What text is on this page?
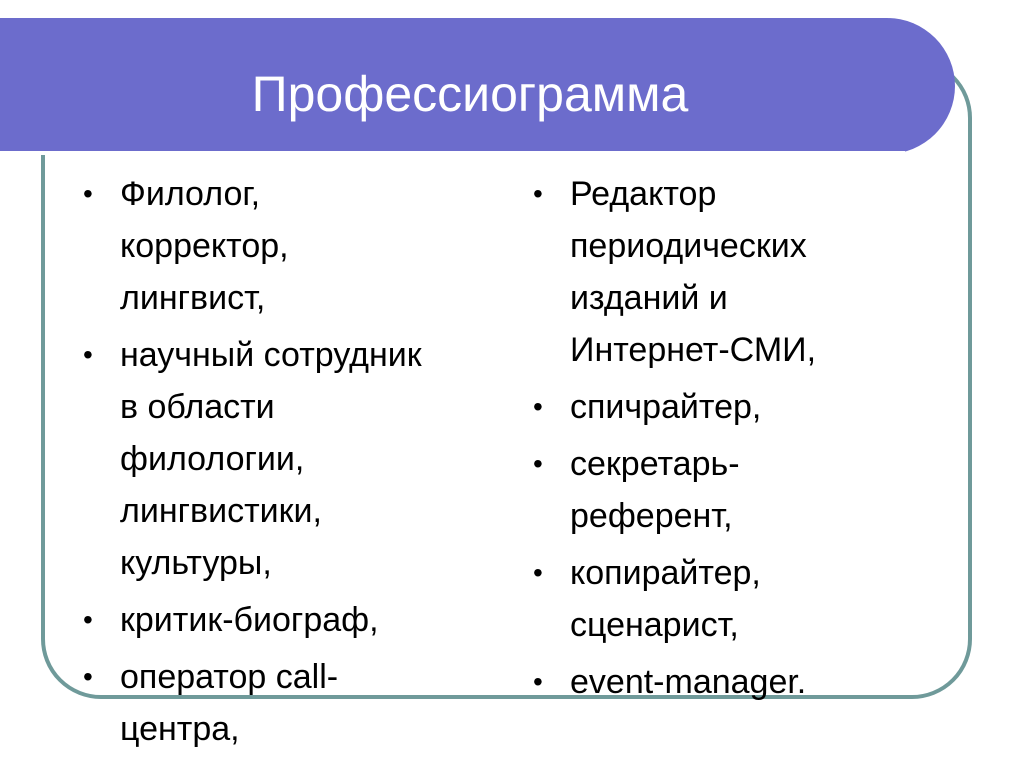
Профессиограмма
• Филолог,
корректор,
лингвист,
• научный сотрудник
в области
филологии,
лингвистики,
культуры,
• критик-биограф,
• оператор call-
центра,
• Редактор
периодических
изданий и
Интернет-СМИ,
• спичрайтер,
• секретарь-
референт,
• копирайтер,
сценарист,
• event-manager.
